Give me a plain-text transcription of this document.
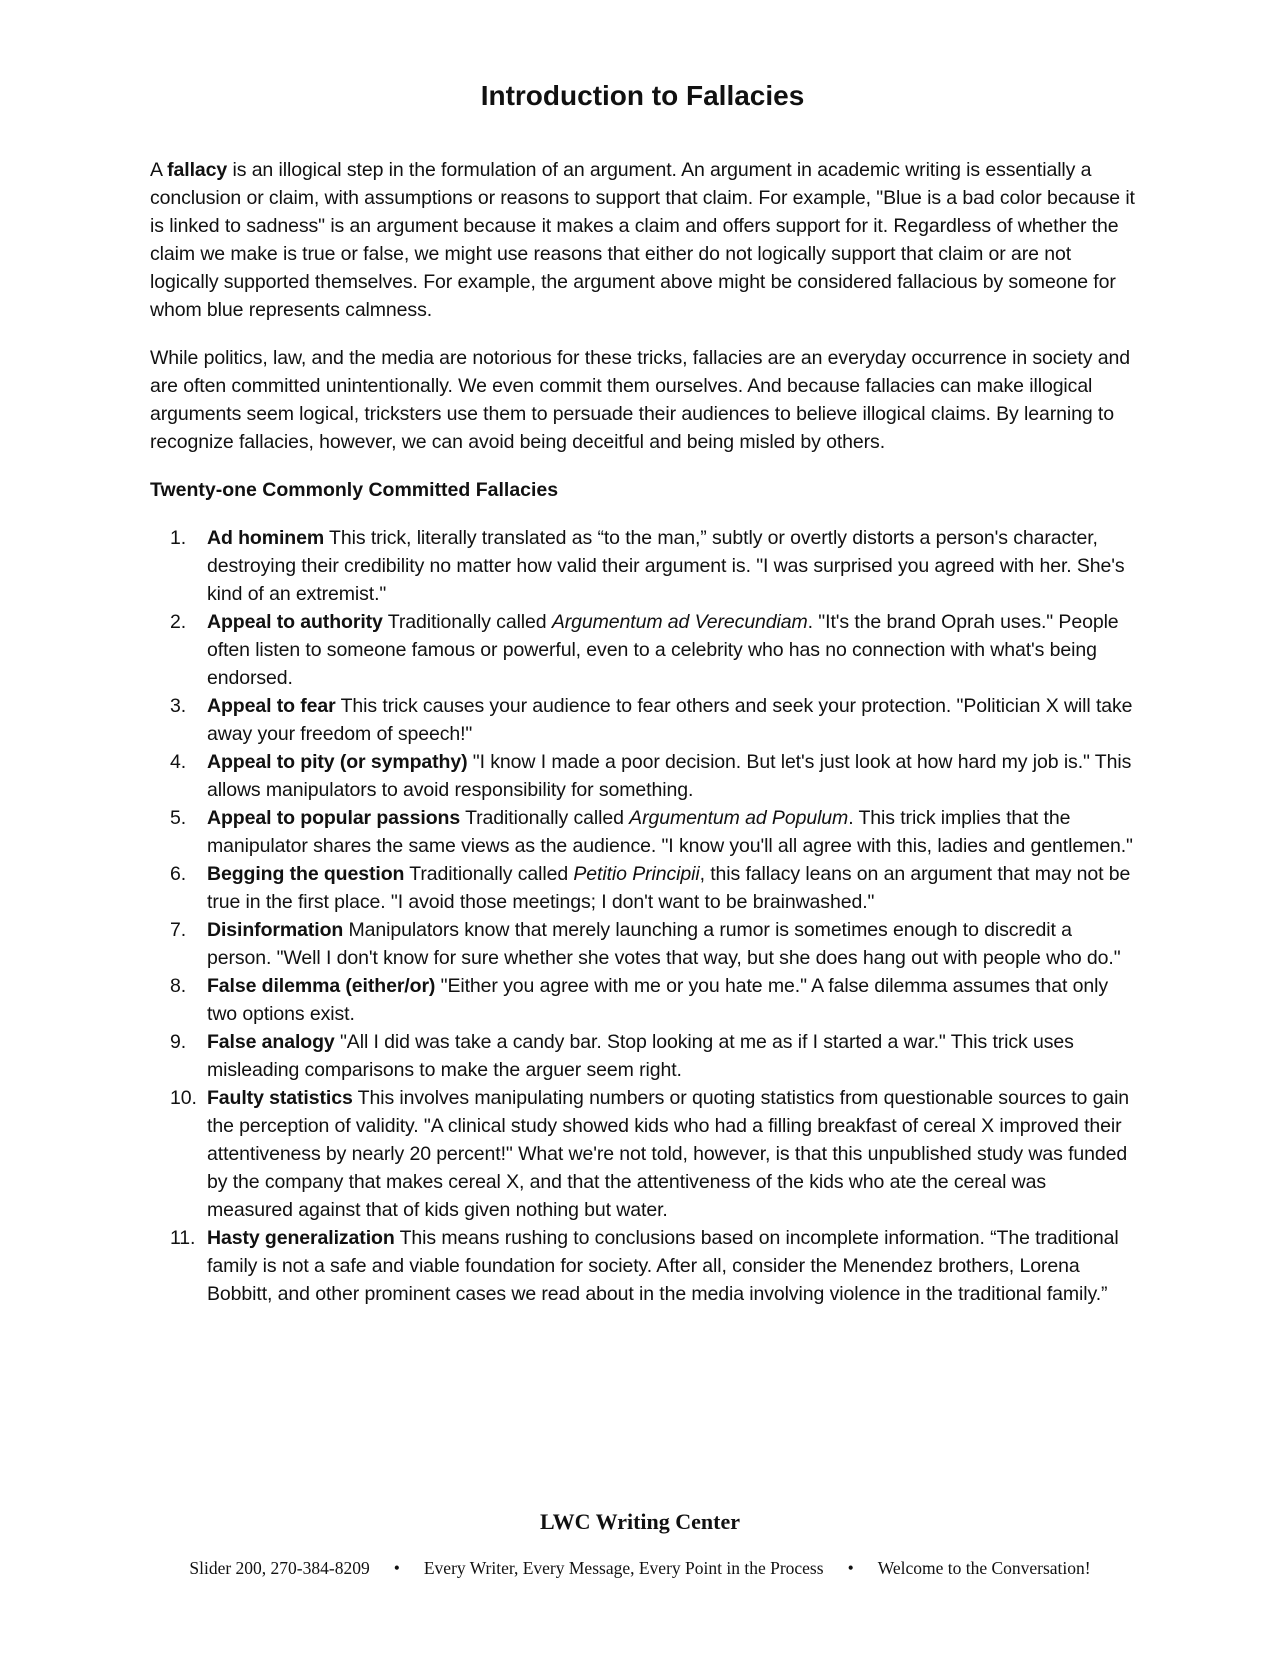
Introduction to Fallacies

A fallacy is an illogical step in the formulation of an argument. An argument in academic writing is essentially a conclusion or claim, with assumptions or reasons to support that claim. For example, "Blue is a bad color because it is linked to sadness" is an argument because it makes a claim and offers support for it. Regardless of whether the claim we make is true or false, we might use reasons that either do not logically support that claim or are not logically supported themselves. For example, the argument above might be considered fallacious by someone for whom blue represents calmness.

While politics, law, and the media are notorious for these tricks, fallacies are an everyday occurrence in society and are often committed unintentionally. We even commit them ourselves. And because fallacies can make illogical arguments seem logical, tricksters use them to persuade their audiences to believe illogical claims. By learning to recognize fallacies, however, we can avoid being deceitful and being misled by others.

Twenty-one Commonly Committed Fallacies
1. Ad hominem This trick, literally translated as “to the man,” subtly or overtly distorts a person's character, destroying their credibility no matter how valid their argument is. "I was surprised you agreed with her. She's kind of an extremist."
2. Appeal to authority Traditionally called Argumentum ad Verecundiam. "It's the brand Oprah uses." People often listen to someone famous or powerful, even to a celebrity who has no connection with what's being endorsed.
3. Appeal to fear This trick causes your audience to fear others and seek your protection. "Politician X will take away your freedom of speech!"
4. Appeal to pity (or sympathy) "I know I made a poor decision. But let's just look at how hard my job is." This allows manipulators to avoid responsibility for something.
5. Appeal to popular passions Traditionally called Argumentum ad Populum. This trick implies that the manipulator shares the same views as the audience. "I know you'll all agree with this, ladies and gentlemen."
6. Begging the question Traditionally called Petitio Principii, this fallacy leans on an argument that may not be true in the first place. "I avoid those meetings; I don't want to be brainwashed."
7. Disinformation Manipulators know that merely launching a rumor is sometimes enough to discredit a person. "Well I don't know for sure whether she votes that way, but she does hang out with people who do."
8. False dilemma (either/or) "Either you agree with me or you hate me." A false dilemma assumes that only two options exist.
9. False analogy "All I did was take a candy bar. Stop looking at me as if I started a war." This trick uses misleading comparisons to make the arguer seem right.
10. Faulty statistics This involves manipulating numbers or quoting statistics from questionable sources to gain the perception of validity. "A clinical study showed kids who had a filling breakfast of cereal X improved their attentiveness by nearly 20 percent!" What we're not told, however, is that this unpublished study was funded by the company that makes cereal X, and that the attentiveness of the kids who ate the cereal was measured against that of kids given nothing but water.
11. Hasty generalization This means rushing to conclusions based on incomplete information. “The traditional family is not a safe and viable foundation for society. After all, consider the Menendez brothers, Lorena Bobbitt, and other prominent cases we read about in the media involving violence in the traditional family.”
LWC Writing Center
Slider 200, 270-384-8209	•	Every Writer, Every Message, Every Point in the Process	•	Welcome to the Conversation!
